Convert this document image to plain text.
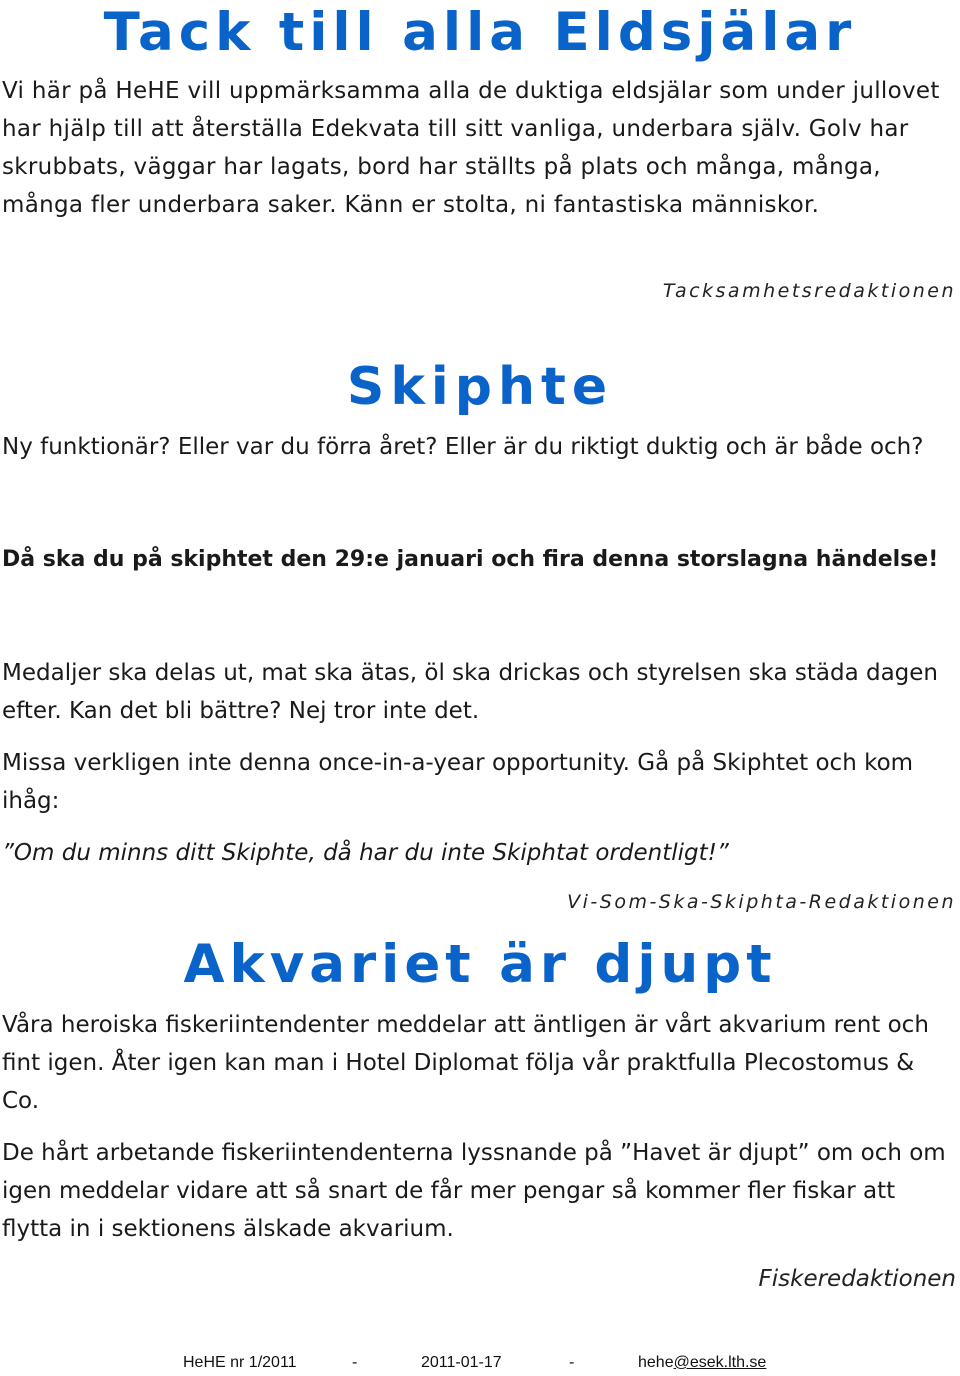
Tack till alla Eldsjälar

Vi här på HeHE vill uppmärksamma alla de duktiga eldsjälar som under jullovet har hjälp till att återställa Edekvata till sitt vanliga, underbara själv. Golv har skrubbats, väggar har lagats, bord har ställts på plats och många, många, många fler underbara saker. Känn er stolta, ni fantastiska människor.

Tacksamhetsredaktionen

Skiphte

Ny funktionär? Eller var du förra året? Eller är du riktigt duktig och är både och?

Då ska du på skiphtet den 29:e januari och fira denna storslagna händelse!

Medaljer ska delas ut, mat ska ätas, öl ska drickas och styrelsen ska städa dagen efter. Kan det bli bättre? Nej tror inte det.

Missa verkligen inte denna once-in-a-year opportunity. Gå på Skiphtet och kom ihåg:

”Om du minns ditt Skiphte, då har du inte Skiphtat ordentligt!”

Vi-Som-Ska-Skiphta-Redaktionen

Akvariet är djupt

Våra heroiska fiskeriintendenter meddelar att äntligen är vårt akvarium rent och fint igen. Åter igen kan man i Hotel Diplomat följa vår praktfulla Plecostomus & Co.

De hårt arbetande fiskeriintendenterna lyssnande på ”Havet är djupt” om och om igen meddelar vidare att så snart de får mer pengar så kommer fler fiskar att flytta in i sektionens älskade akvarium.

Fiskeredaktionen

HeHE nr 1/2011	-	2011-01-17	-	hehe@esek.lth.se
